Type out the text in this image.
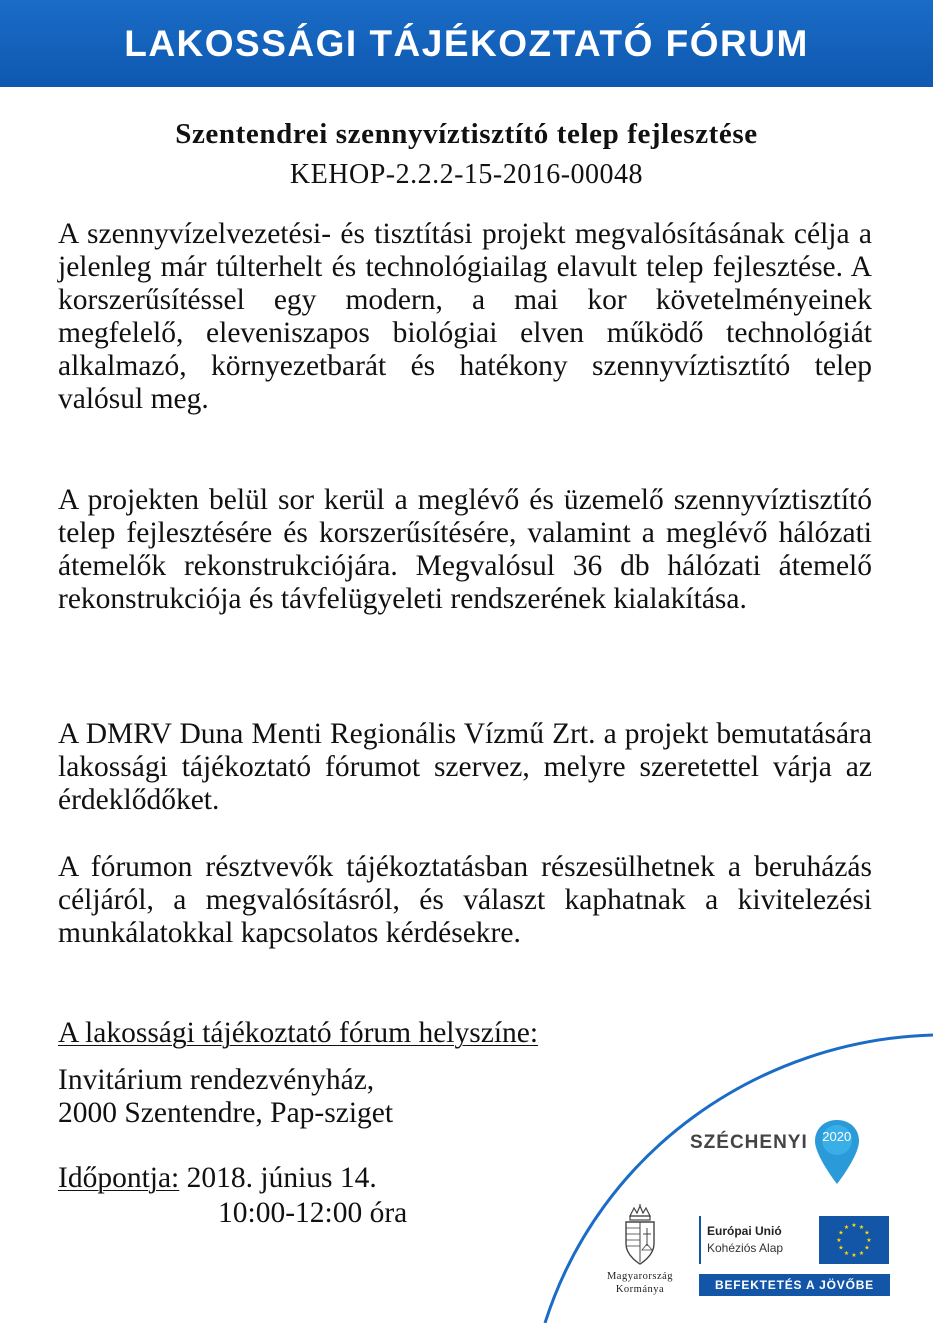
LAKOSSÁGI TÁJÉKOZTATÓ FÓRUM
Szentendrei szennyvíztisztító telep fejlesztése
KEHOP-2.2.2-15-2016-00048

A szennyvízelvezetési- és tisztítási projekt megvalósításának célja a jelenleg már túlterhelt és technológiailag elavult telep fejlesztése. A korszerűsítéssel egy modern, a mai kor követelményeinek megfelelő, eleveniszapos biológiai elven működő technológiát alkalmazó, környezetbarát és hatékony szennyvíztisztító telep valósul meg.

A projekten belül sor kerül a meglévő és üzemelő szennyvíztisztító telep fejlesztésére és korszerűsítésére, valamint a meglévő hálózati átemelők rekonstrukciójára. Megvalósul 36 db hálózati átemelő rekonstrukciója és távfelügyeleti rendszerének kialakítása.

A DMRV Duna Menti Regionális Vízmű Zrt. a projekt bemutatására lakossági tájékoztató fórumot szervez, melyre szeretettel várja az érdeklődőket.

A fórumon résztvevők tájékoztatásban részesülhetnek a beruházás céljáról, a megvalósításról, és választ kaphatnak a kivitelezési munkálatokkal kapcsolatos kérdésekre.

A lakossági tájékoztató fórum helyszíne:
Invitárium rendezvényház,
2000 Szentendre, Pap-sziget
Időpontja: 2018. június 14.
10:00-12:00 óra
SZÉCHENYI	2020
Magyarország
Kormánya
Európai Unió
Kohéziós Alap
★ ★
★
★
★
★
★
★
★
★
★
★
BEFEKTETÉS A JÖVŐBE
